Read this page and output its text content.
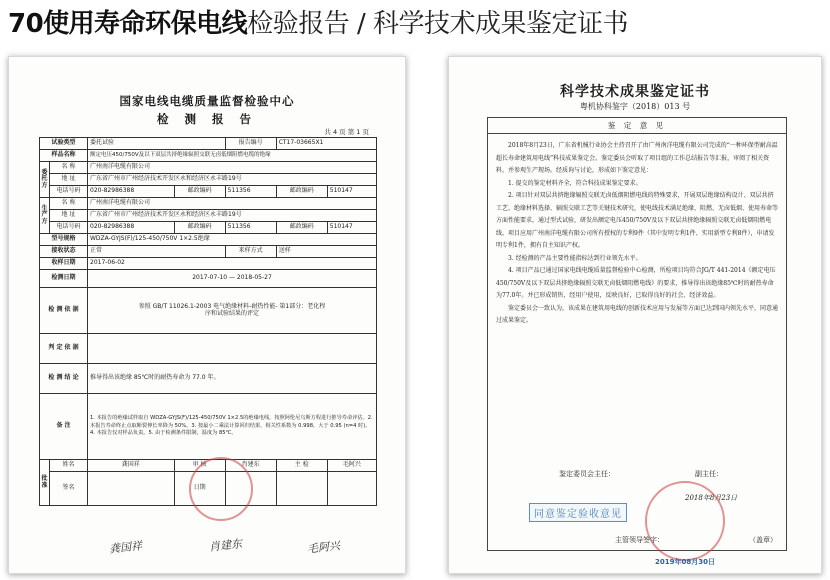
70使用寿命环保电线检验报告 / 科学技术成果鉴定证书
国家电线电缆质量监督检验中心
检 测 报 告
共 4 页 第 1 页
试验类型		委托试验		报告编号	CT17-03665X1	
样品名称		额定电压450/750V及以下双层共挤绝缘辐照交联无卤低烟阻燃电缆的绝缘				
委托方	名 称	广州南洋电缆有限公司				
	地 址	广东省广州市广州经济技术开发区永和经济区永丰路19号				
	电话号码	020-82986388	邮政编码	511356	邮政编码	510147
生产方	名 称	广州南洋电缆有限公司				
	地 址	广东省广州市广州经济技术开发区永和经济区永丰路19号				
	电话号码	020-82986388	邮政编码	511356	邮政编码	510147
型号规格		WDZA-GYJS(F)/125-450/750V 1×2.5绝缘				
接收状态		正常		来样方式	送样	
收样日期		2017-06-02				
检测日期		2017-07-10 — 2018-05-27				
检 测 依 据		参照 GB/T 11026.1-2003 电气绝缘材料-耐热性能- 第1部分：老化程序和试验结果的评定				
判 定 依 据						
检 测 结 论		推导得出该绝缘 85℃时的耐热寿命为 77.0 年。				
备 注		1. 本报告的绝缘试样取自 WDZA-GYJS(F)/125-450/750V 1×2.5的绝缘电线。按照阿伦尼乌斯方程进行推导寿命评估。2. 本报告寿命终止点取断裂伸长率降为 50%。3. 按最小二乘法计算回归结果，相关性系数为 0.998，大于 0.95 (n=4 时)。4. 本报告仅对样品负责。5. 由于检测条件限制，温度为 85℃。				
批 准	姓名	龚国祥	审 核	肖建东	主 检	毛阿兴
	签名		日期			
龚国祥	肖建东	毛阿兴
科学技术成果鉴定证书
粤机协科鉴字（2018）013 号
鉴 定 意 见

2018年8月23日，广东省机械行业协会主持召开了由广州南洋电缆有限公司完成的“一种环保型耐高温超长寿命建筑用电线”科技成果鉴定会。鉴定委员会听取了项目组的工作总结报告等汇报，审阅了相关资料，并参观生产现场。经质询与讨论，形成如下鉴定意见：

1. 提交的鉴定材料齐全，符合科技成果鉴定要求。

2. 项目针对双层共挤绝缘辐照交联无卤低烟阻燃电线的特殊要求，开展双层绝缘结构设计、双层共挤工艺、绝缘材料选择、辐照交联工艺等关键技术研究，使电线技术满足绝缘、阻燃、无卤低烟、使用寿命等方面性能要求，通过型式试验，研发出额定电压450/750V及以下双层共挤绝缘辐照交联无卤低烟阻燃电线。项目应用广州南洋电缆有限公司所有授权的专利9件（其中发明专利1件、实用新型专利8件），申请发明专利1件，拥有自主知识产权。

3. 经检测的产品主要性能指标达到行业领先水平。

4. 项目产品已通过国家电线电缆质量监督检验中心检测，所检项目均符合JG/T 441-2014《额定电压450/750V及以下双层共挤绝缘辐照交联无卤低烟阻燃电线》的要求，推导得出该绝缘85℃时的耐热寿命为77.0年。并已形成销售，经用户使用，反映良好，已取得良好的社会、经济效益。

鉴定委员会一致认为，该成果在建筑用电线的创新技术应用与发展等方面已达到国内领先水平，同意通过成果鉴定。

鉴定委员会主任：	副主任：
2018年8月23日
同意鉴定验收意见
主管领导签字：	（盖章）
2019年08月30日
